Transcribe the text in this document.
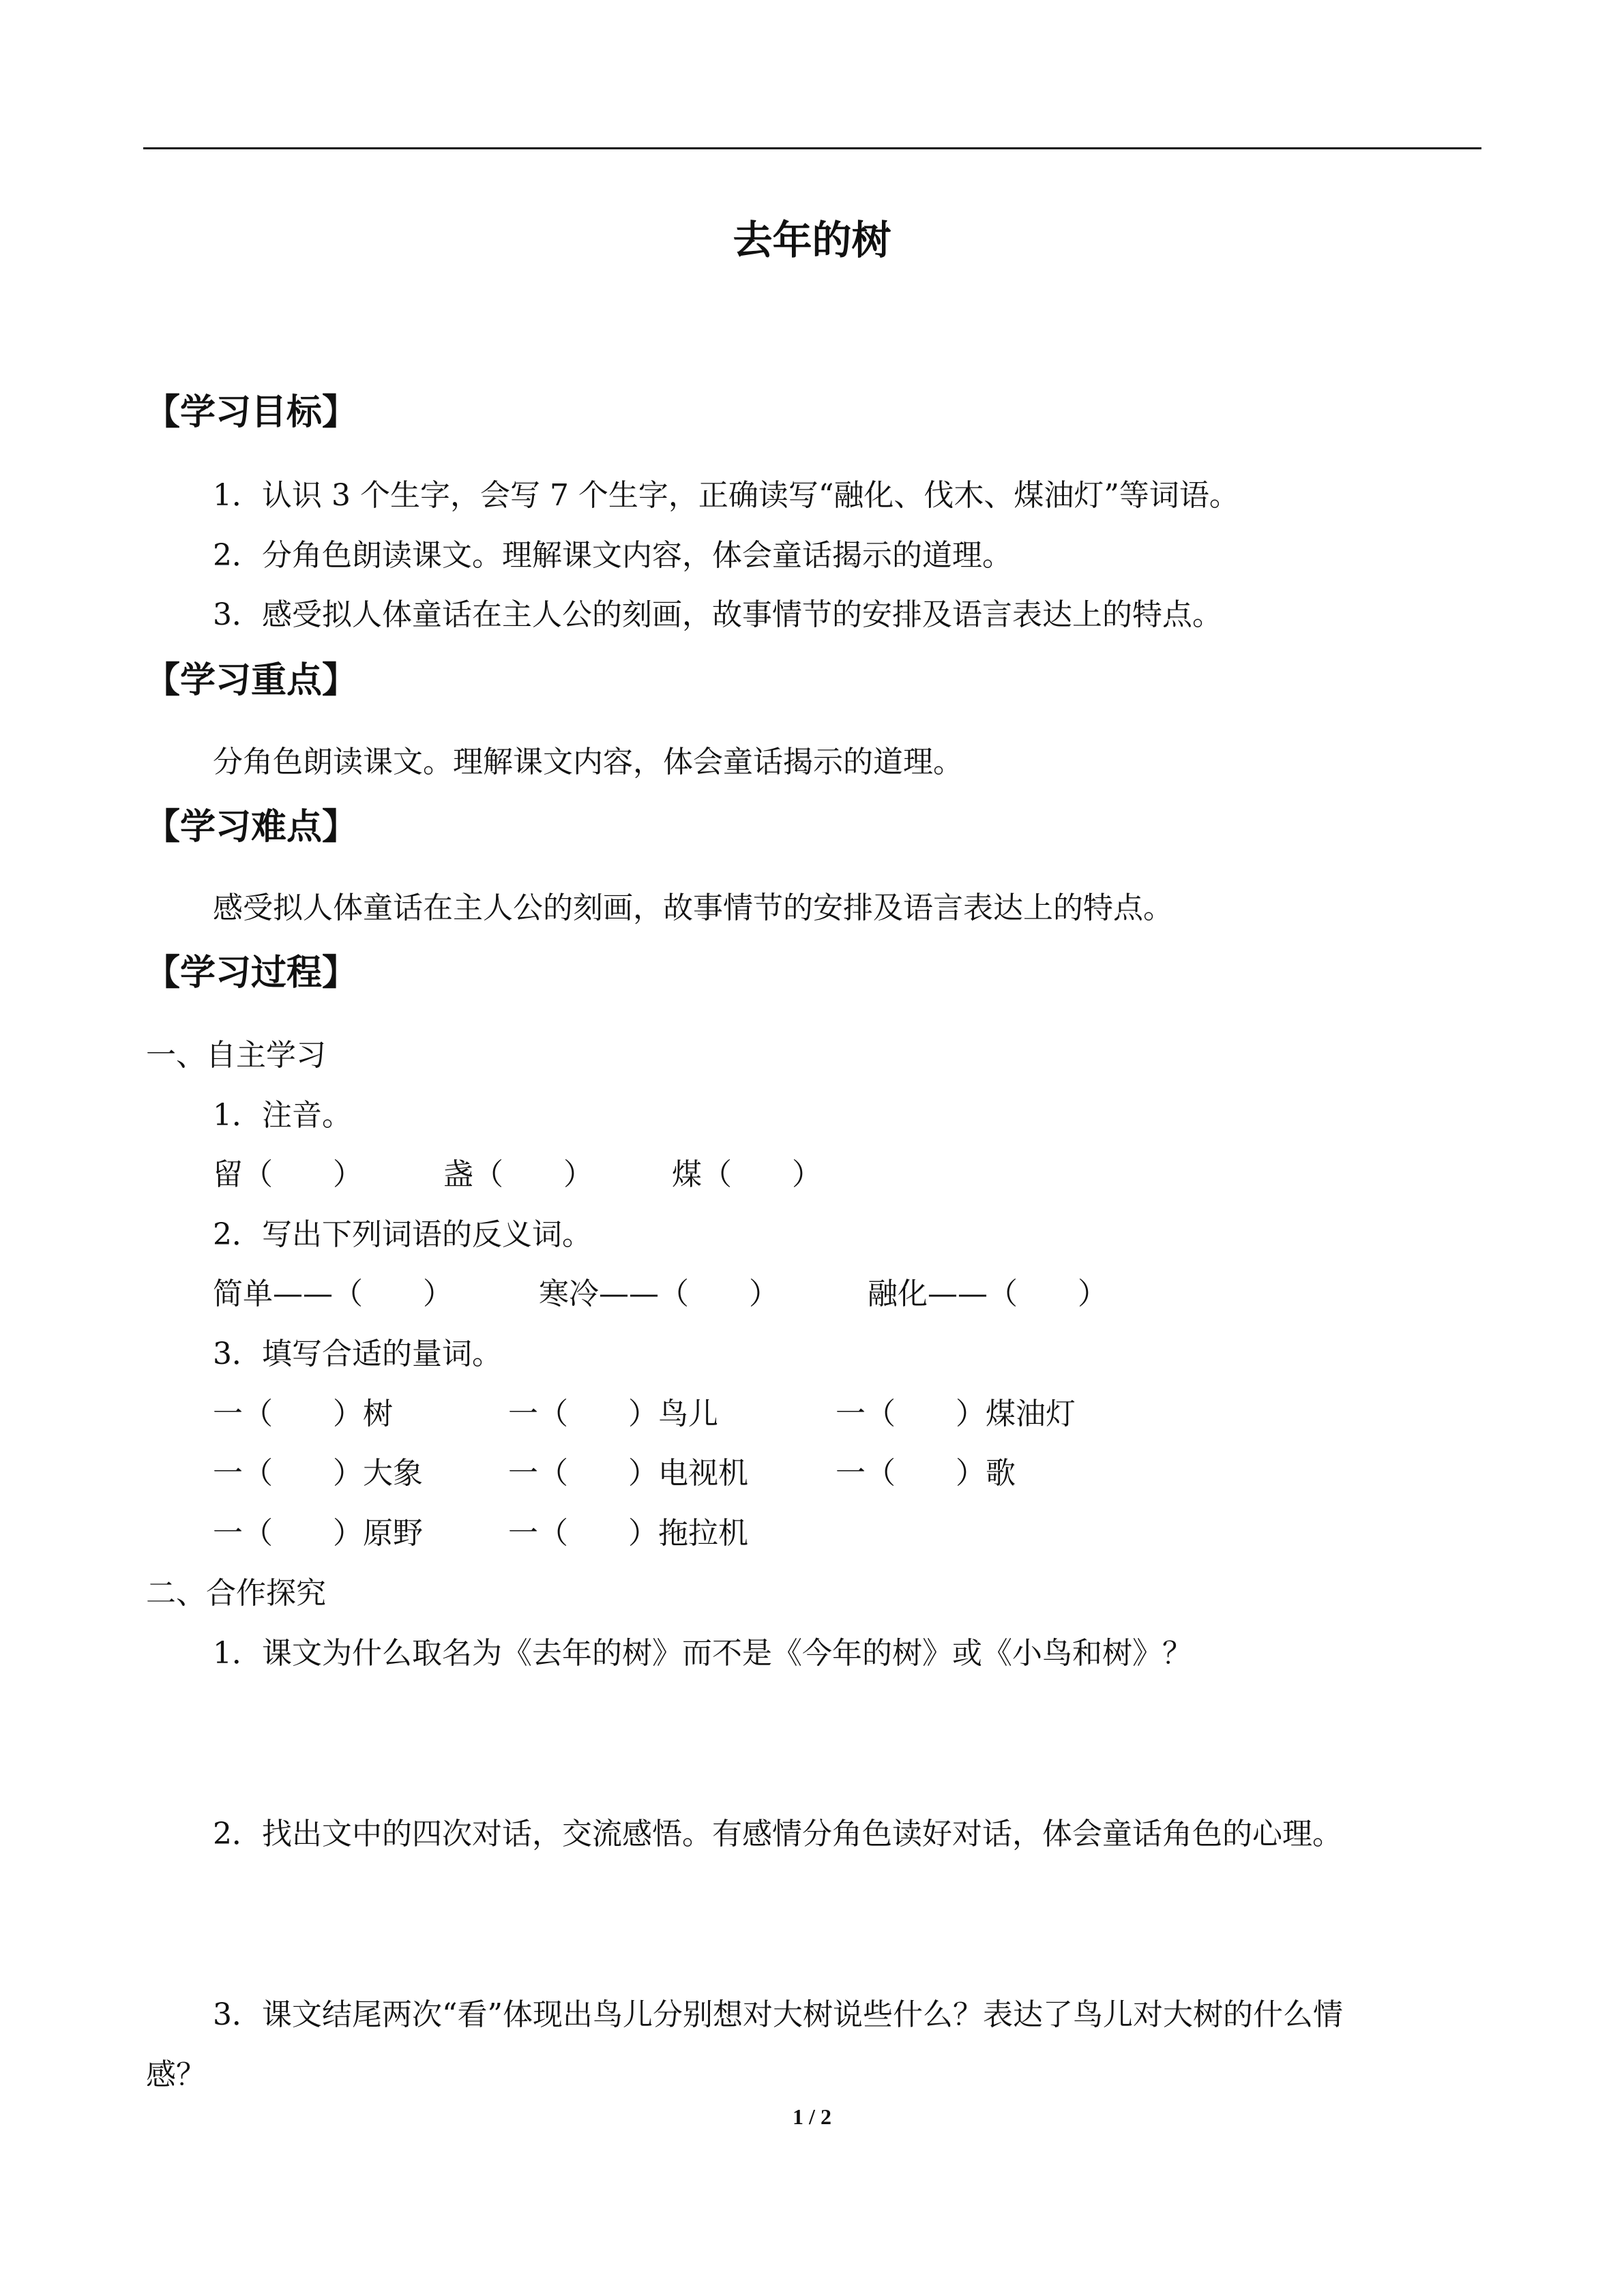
去年的树
【学习目标】
1．认识 3 个生字，会写 7 个生字，正确读写“融化、伐木、煤油灯”等词语。
2．分角色朗读课文。理解课文内容，体会童话揭示的道理。
3．感受拟人体童话在主人公的刻画，故事情节的安排及语言表达上的特点。
【学习重点】
分角色朗读课文。理解课文内容，体会童话揭示的道理。
【学习难点】
感受拟人体童话在主人公的刻画，故事情节的安排及语言表达上的特点。
【学习过程】
一、自主学习
1．注音。
留（　　）	盏（　　）	煤（　　）
2．写出下列词语的反义词。
简单——（　　）	寒冷——（　　）	融化——（　　）
3．填写合适的量词。
一（　　）树	一（　　）鸟儿	一（　　）煤油灯
一（　　）大象	一（　　）电视机	一（　　）歌
一（　　）原野	一（　　）拖拉机
二、合作探究
1．课文为什么取名为《去年的树》而不是《今年的树》或《小鸟和树》？
2．找出文中的四次对话，交流感悟。有感情分角色读好对话，体会童话角色的心理。
3．课文结尾两次“看”体现出鸟儿分别想对大树说些什么？表达了鸟儿对大树的什么情
感？
1 / 2
